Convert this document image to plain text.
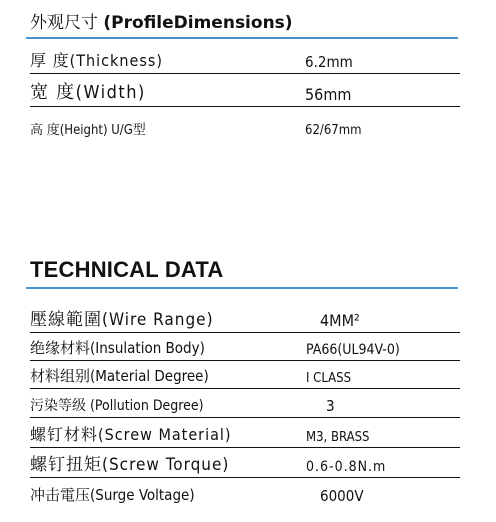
外观尺寸 (ProfileDimensions)
厚 度(Thickness)	6.2mm
宽 度(Width)	56mm
高 度(Height) U/G型	62/67mm
TECHNICAL DATA
壓線範圍(Wire Range)	4MM²
绝缘材料(Insulation Body)	PA66(UL94V-0)
材料组别(Material Degree)	I CLASS
污染等级 (Pollution Degree)	3
螺钉材料(Screw Material)	M3, BRASS
螺钉扭矩(Screw Torque)	0.6-0.8N.m
冲击電压(Surge Voltage)	6000V
